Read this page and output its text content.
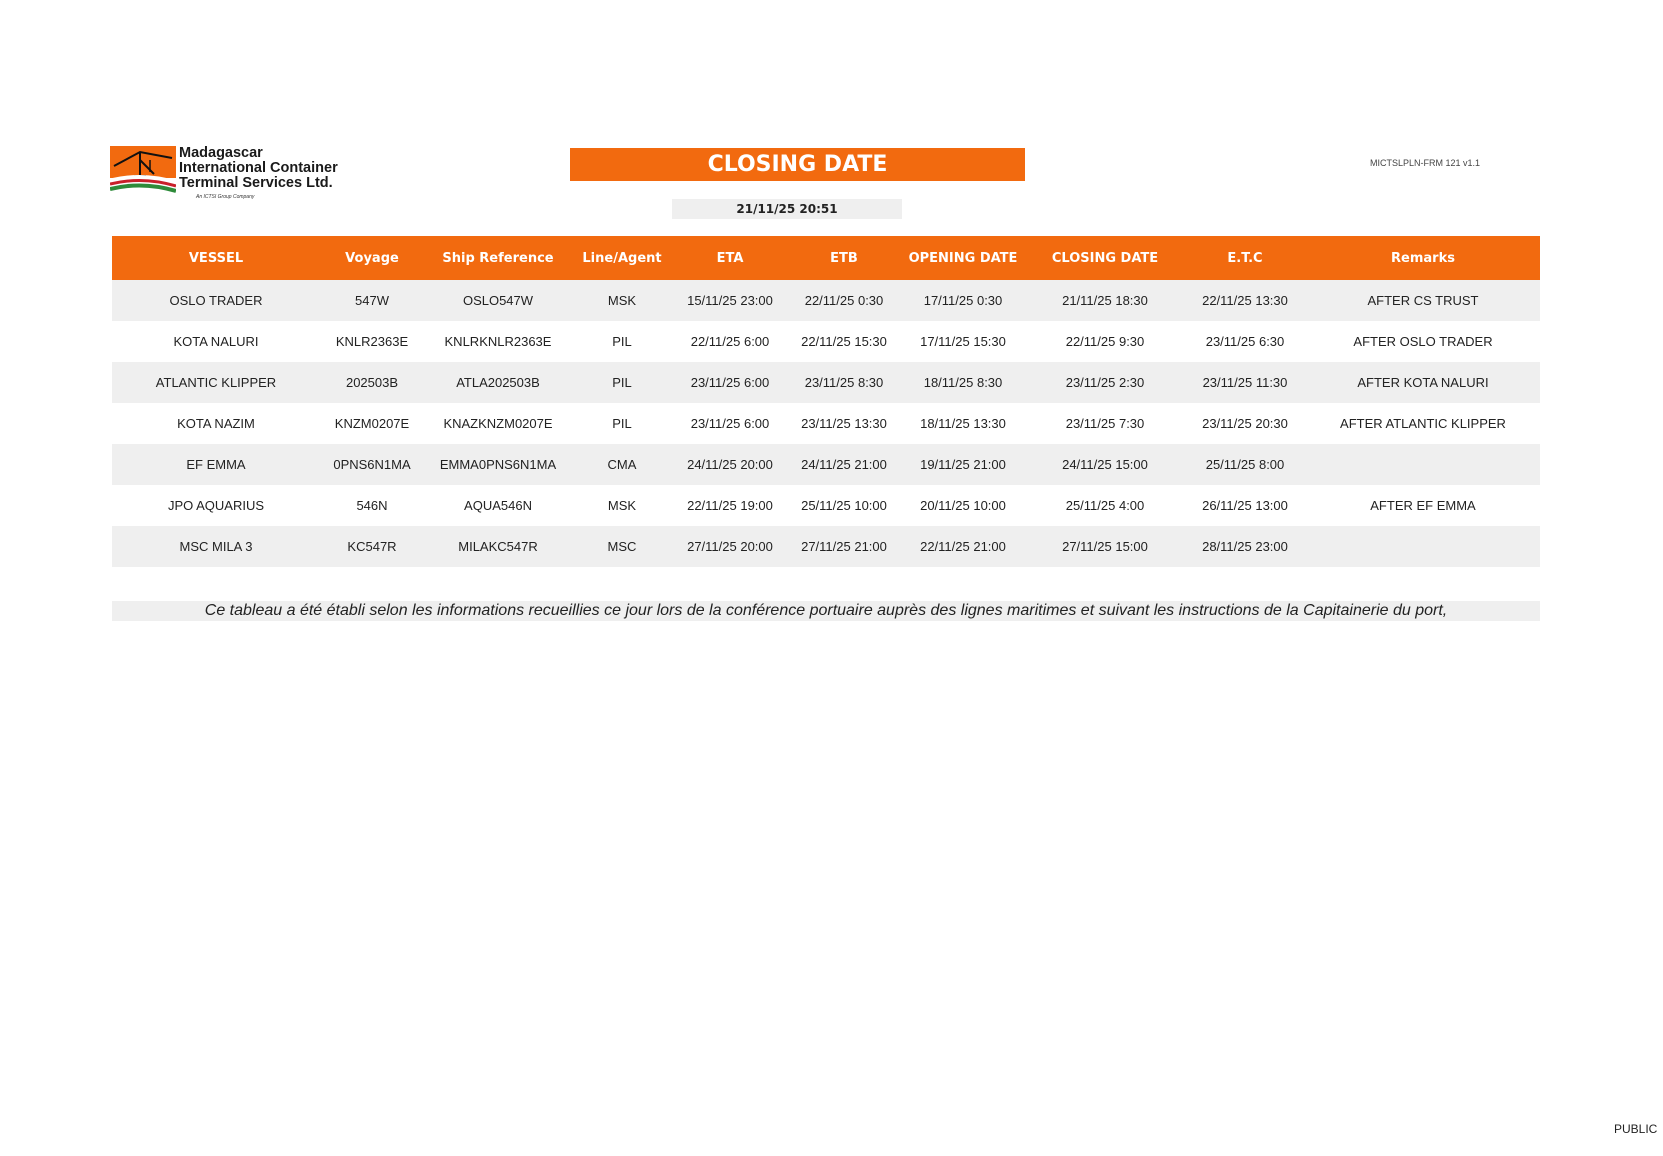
Madagascar
International Container
Terminal Services Ltd.
An ICTSI Group Company
CLOSING DATE	MICTSLPLN-FRM 121 v1.1
21/11/25 20:51
VESSEL	Voyage	Ship Reference	Line/Agent	ETA	ETB	OPENING DATE	CLOSING DATE	E.T.C	Remarks
OSLO TRADER	547W	OSLO547W	MSK	15/11/25 23:00	22/11/25 0:30	17/11/25 0:30	21/11/25 18:30	22/11/25 13:30	AFTER CS TRUST
KOTA NALURI	KNLR2363E	KNLRKNLR2363E	PIL	22/11/25 6:00	22/11/25 15:30	17/11/25 15:30	22/11/25 9:30	23/11/25 6:30	AFTER OSLO TRADER
ATLANTIC KLIPPER	202503B	ATLA202503B	PIL	23/11/25 6:00	23/11/25 8:30	18/11/25 8:30	23/11/25 2:30	23/11/25 11:30	AFTER KOTA NALURI
KOTA NAZIM	KNZM0207E	KNAZKNZM0207E	PIL	23/11/25 6:00	23/11/25 13:30	18/11/25 13:30	23/11/25 7:30	23/11/25 20:30	AFTER ATLANTIC KLIPPER
EF EMMA	0PNS6N1MA	EMMA0PNS6N1MA	CMA	24/11/25 20:00	24/11/25 21:00	19/11/25 21:00	24/11/25 15:00	25/11/25 8:00	
JPO AQUARIUS	546N	AQUA546N	MSK	22/11/25 19:00	25/11/25 10:00	20/11/25 10:00	25/11/25 4:00	26/11/25 13:00	AFTER EF EMMA
MSC MILA 3	KC547R	MILAKC547R	MSC	27/11/25 20:00	27/11/25 21:00	22/11/25 21:00	27/11/25 15:00	28/11/25 23:00	
Ce tableau a été établi selon les informations recueillies ce jour lors de la conférence portuaire auprès des lignes maritimes et suivant les instructions de la Capitainerie du port,
PUBLIC
